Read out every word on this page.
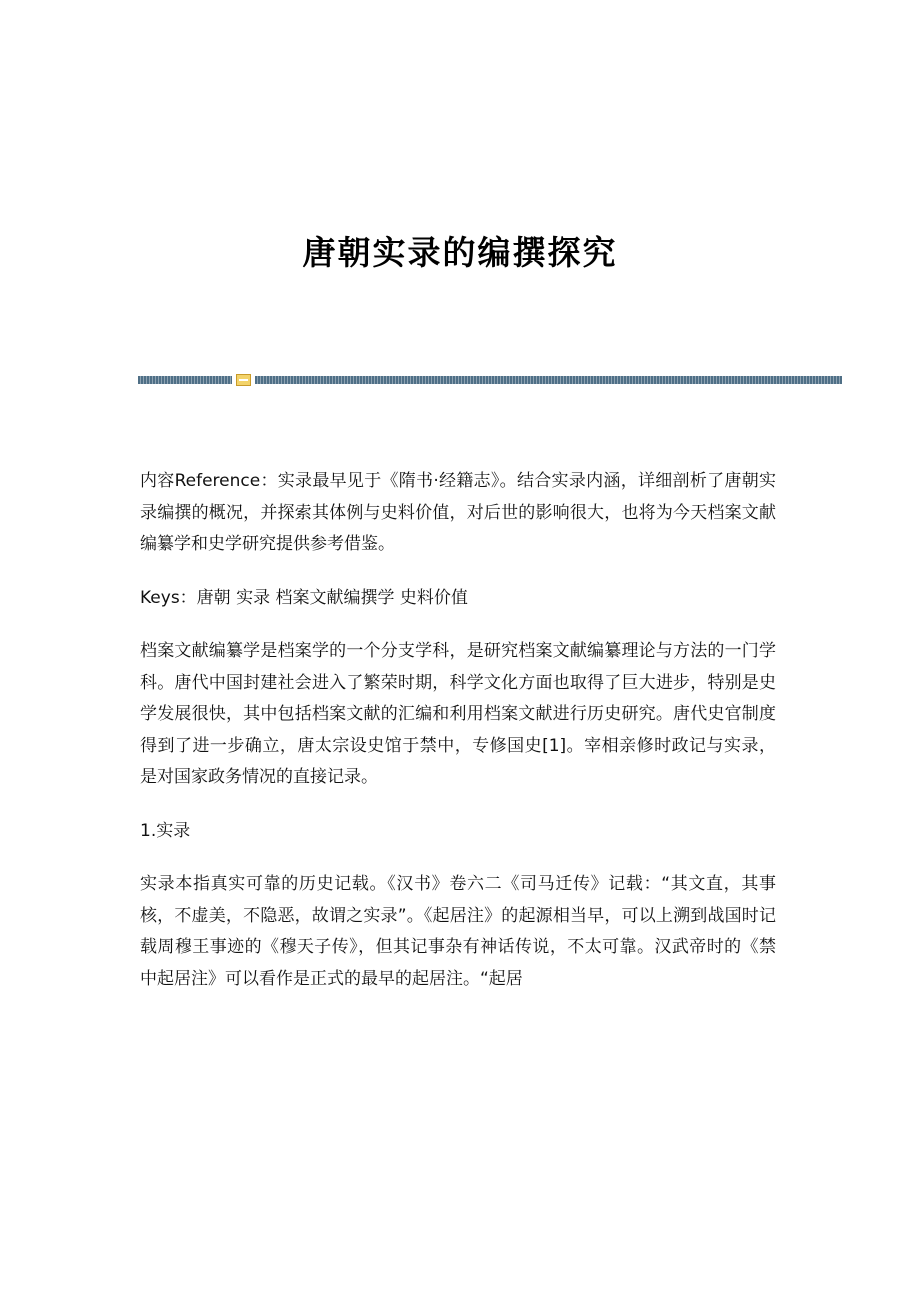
唐朝实录的编撰探究

内容Reference：实录最早见于《隋书·经籍志》。结合实录内涵，详细剖析了唐朝实录编撰的概况，并探索其体例与史料价值，对后世的影响很大，也将为今天档案文献编纂学和史学研究提供参考借鉴。

Keys：唐朝 实录 档案文献编撰学 史料价值

档案文献编纂学是档案学的一个分支学科，是研究档案文献编纂理论与方法的一门学科。唐代中国封建社会进入了繁荣时期，科学文化方面也取得了巨大进步，特别是史学发展很快，其中包括档案文献的汇编和利用档案文献进行历史研究。唐代史官制度得到了进一步确立，唐太宗设史馆于禁中，专修国史[1]。宰相亲修时政记与实录，是对国家政务情况的直接记录。

1.实录

实录本指真实可靠的历史记载。《汉书》卷六二《司马迁传》记载：“其文直，其事核，不虚美，不隐恶，故谓之实录”。《起居注》的起源相当早，可以上溯到战国时记载周穆王事迹的《穆天子传》，但其记事杂有神话传说，不太可靠。汉武帝时的《禁中起居注》可以看作是正式的最早的起居注。“起居
